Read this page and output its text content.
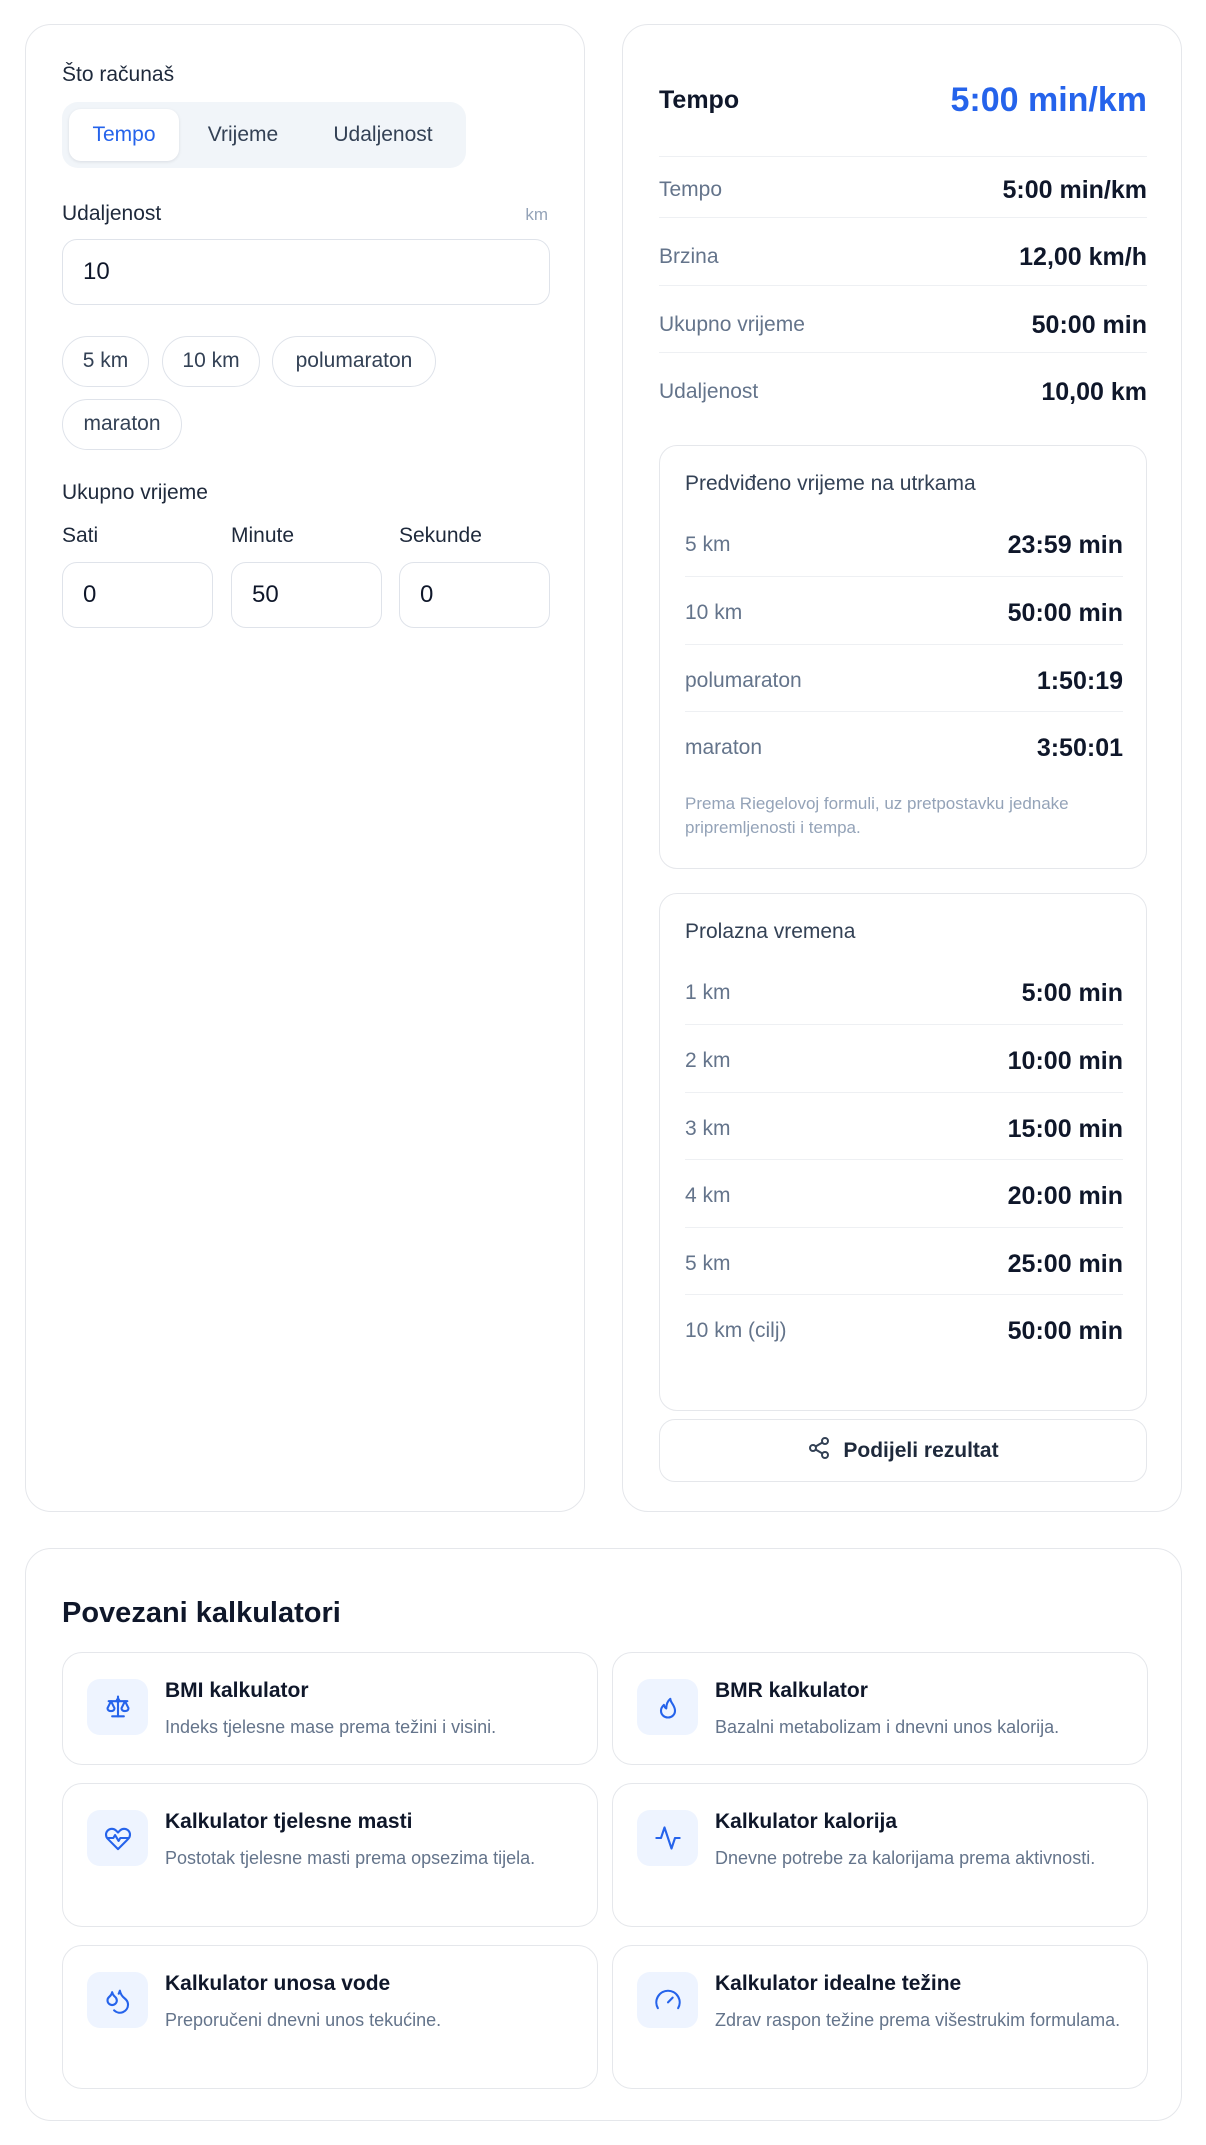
Što računaš
Tempo	Vrijeme	Udaljenost
Udaljenost	km
10
5 km	10 km	polumaraton
maraton
Ukupno vrijeme
Sati	Minute	Sekunde
0	50	0
Tempo	5:00 min/km
Tempo	5:00 min/km
Brzina	12,00 km/h
Ukupno vrijeme	50:00 min
Udaljenost	10,00 km
Predviđeno vrijeme na utrkama
5 km	23:59 min
10 km	50:00 min
polumaraton	1:50:19
maraton	3:50:01
Prema Riegelovoj formuli, uz pretpostavku jednake pripremljenosti i tempa.
Prolazna vremena
1 km	5:00 min
2 km	10:00 min
3 km	15:00 min
4 km	20:00 min
5 km	25:00 min
10 km (cilj)	50:00 min
Podijeli rezultat
Povezani kalkulatori
BMI kalkulator
Indeks tjelesne mase prema težini i visini.
BMR kalkulator
Bazalni metabolizam i dnevni unos kalorija.
Kalkulator tjelesne masti
Postotak tjelesne masti prema opsezima tijela.
Kalkulator kalorija
Dnevne potrebe za kalorijama prema aktivnosti.
Kalkulator unosa vode
Preporučeni dnevni unos tekućine.
Kalkulator idealne težine
Zdrav raspon težine prema višestrukim formulama.
